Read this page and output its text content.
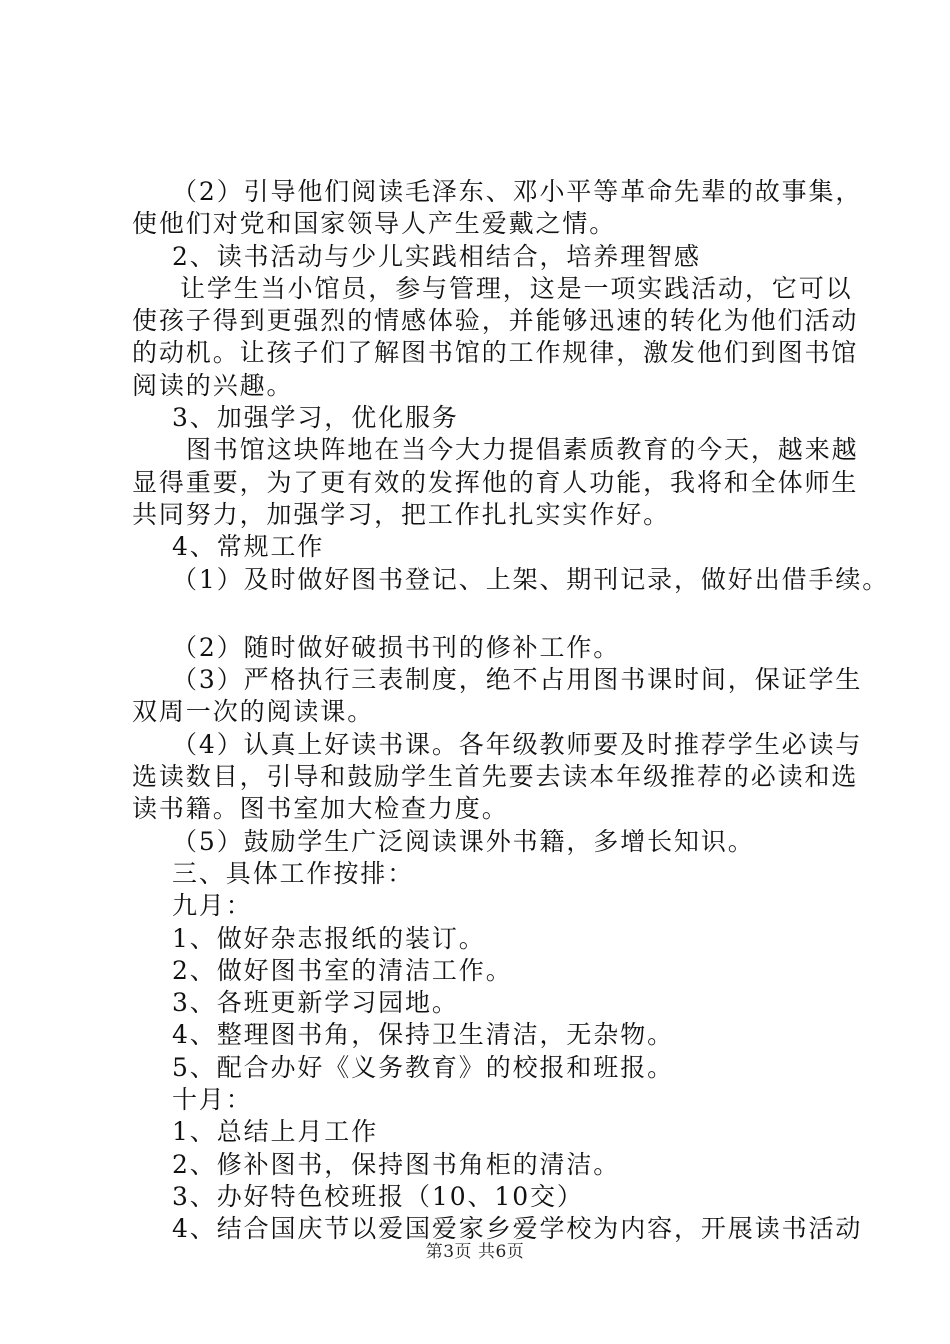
（2）引导他们阅读毛泽东、邓小平等革命先辈的故事集，
使他们对党和国家领导人产生爱戴之情。
2、读书活动与少儿实践相结合，培养理智感
让学生当小馆员，参与管理，这是一项实践活动，它可以
使孩子得到更强烈的情感体验，并能够迅速的转化为他们活动
的动机。让孩子们了解图书馆的工作规律，激发他们到图书馆
阅读的兴趣。
3、加强学习，优化服务
图书馆这块阵地在当今大力提倡素质教育的今天，越来越
显得重要，为了更有效的发挥他的育人功能，我将和全体师生
共同努力，加强学习，把工作扎扎实实作好。
4、常规工作
（1）及时做好图书登记、上架、期刊记录，做好出借手续。
（2）随时做好破损书刊的修补工作。
（3）严格执行三表制度，绝不占用图书课时间，保证学生
双周一次的阅读课。
（4）认真上好读书课。各年级教师要及时推荐学生必读与
选读数目，引导和鼓励学生首先要去读本年级推荐的必读和选
读书籍。图书室加大检查力度。
（5）鼓励学生广泛阅读课外书籍，多增长知识。
三、具体工作按排：
九月：
1、做好杂志报纸的装订。
2、做好图书室的清洁工作。
3、各班更新学习园地。
4、整理图书角，保持卫生清洁，无杂物。
5、配合办好《义务教育》的校报和班报。
十月：
1、总结上月工作
2、修补图书，保持图书角柜的清洁。
3、办好特色校班报（10、10交）
4、结合国庆节以爱国爱家乡爱学校为内容，开展读书活动
第3页 共6页
